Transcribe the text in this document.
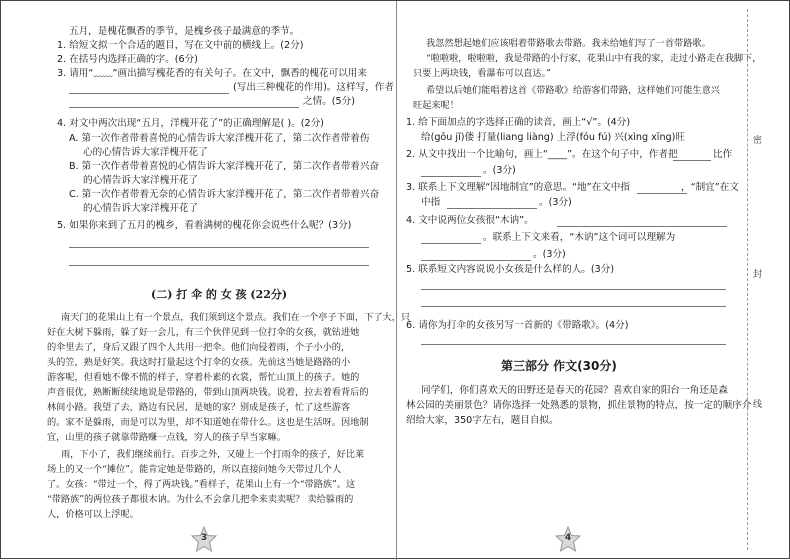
五月，是槐花飘香的季节，是槐乡孩子最满意的季节。
1. 给短文拟一个合适的题目，写在文中前的横线上。(2分)
2. 在括号内选择正确的字。(6分)
3. 请用“﹏﹏”画出描写槐花香的有关句子。在文中，飘香的槐花可以用来
(写出三种槐花的作用)。这样写，作者
之情。(5分)
4. 对文中两次出现“五月，洋槐开花了”的正确理解是( )。(2分)
A. 第一次作者带着喜悦的心情告诉大家洋槐开花了，第二次作者带着伤
心的心情告诉大家洋槐开花了
B. 第一次作者带着喜悦的心情告诉大家洋槐开花了，第二次作者带着兴奋
的心情告诉大家洋槐开花了
C. 第一次作者带着无奈的心情告诉大家洋槐开花了，第二次作者带着兴奋
的心情告诉大家洋槐开花了
5. 如果你来到了五月的槐乡，看着满树的槐花你会说些什么呢？(3分)
(二) 打 伞 的 女 孩 (22分)
南天门的花果山上有一个景点，我们须到这个景点。我们在一个亭子下面，下了大，只
好在大树下躲雨，躲了好一会儿，有三个伙伴见到一位打伞的女孩，就钻进她
的伞里去了，身后又跟了四个人共用一把伞。他们向侵着雨，个子小小的，
头的笠，熟是好笑。我这时打量起这个打伞的女孩。先前这当她是路路的小
游客呢，但看她不像不慌的样子，穿着朴素的衣裳，帮忙山顶上的孩子。她的
声音很优，熟断断续续地说是带路的，带到山顶两块钱。说着，拉去着看背后的
林间小路。我望了去，路边有民居，是她的家？别成是孩子，忙了这些游客
的。家不是躲雨，而是可以为里，却不知道她在带什么。这也是生活呀。因地制
宜，山里的孩子就靠带路赚一点钱，穷人的孩子早当家嘛。
雨，下小了，我们继续前行。百步之外，又碰上一个打雨伞的孩子，好比莱
场上的又一个“摊位”。能肯定她是带路的，所以直接问她今天带过几个人
了。女孩：“带过一个，得了两块钱。”看样子，花果山上有一个“带路族”。这
“带路族”的两位孩子都很木讷。为什么不会拿几把伞来卖卖呢？ 卖给躲雨的
人，价格可以上浮呢。
3
我忽然想起她们应该唱着带路歌去带路。我未给她们写了一首带路歌。
“啦啦啦，啦啦啦，我是带路的小行家，花果山中有我的家，走过小路走在我脚下，
只要上两块钱，看瀑布可以直达。”
希望以后她们能唱着这首《带路歌》给游客们带路，这样她们可能生意兴
旺起来呢！
1. 给下面加点的字选择正确的读音，画上“√”。(4分)
给(gōu jǐ)偻 打量(liang liàng) 上浮(fóu fú) 兴(xìng xīng)旺
2. 从文中找出一个比喻句，画上“____”。在这个句子中，作者把	比作
。(3分)
3. 联系上下文理解“因地制宜”的意思。“地”在文中指	，“制宜”在文
中指	。(3分)
4. 文中说两位女孩很“木讷”。
。联系上下文来看，“木讷”这个词可以理解为
。(3分)
5. 联系短文内容说说小女孩是什么样的人。(3分)
6. 请你为打伞的女孩另写一首新的《带路歌》。(4分)
第三部分 作文(30分)
同学们，你们喜欢天的田野还是春天的花园？喜欢自家的阳台一角还是森
林公园的美丽景色？请你选择一处熟悉的景物，抓住景物的特点，按一定的顺序介
绍给大家，350字左右，题目自拟。
密
封
线
4
